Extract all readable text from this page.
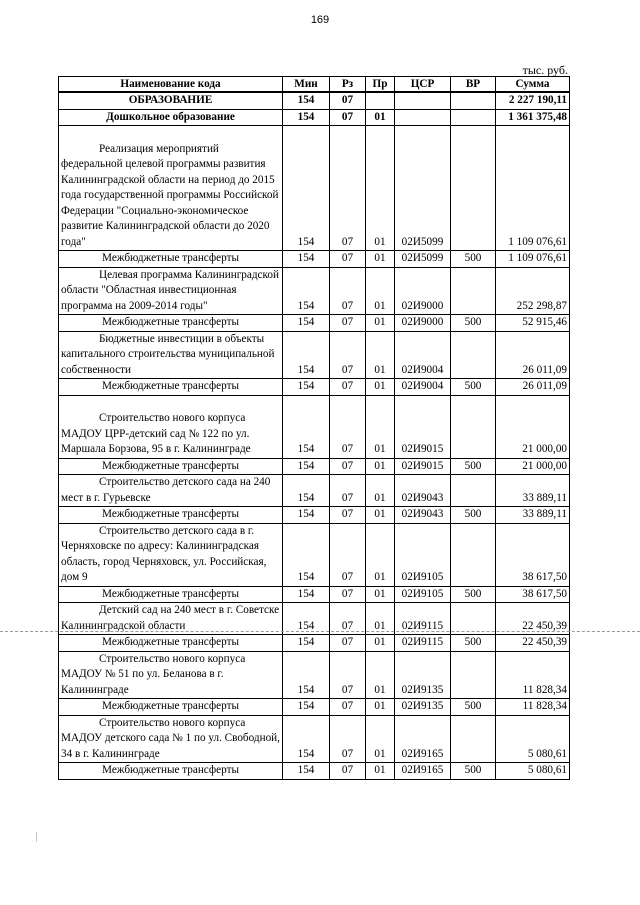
169
тыс. руб.
Наименование кода	Мин	Рз	Пр	ЦСР	ВР	Сумма
ОБРАЗОВАНИЕ	154	07				2 227 190,11
Дошкольное образование	154	07	01			1 361 375,48
Реализация мероприятий федеральной целевой программы развития Калининградской области на период до 2015 года государственной программы Российской Федерации "Социально-экономическое развитие Калининградской области до 2020 года"	154	07	01	02И5099		1 109 076,61
Межбюджетные трансферты	154	07	01	02И5099	500	1 109 076,61
Целевая программа Калининградской области "Областная инвестиционная программа на 2009-2014 годы"	154	07	01	02И9000		252 298,87
Межбюджетные трансферты	154	07	01	02И9000	500	52 915,46
Бюджетные инвестиции в объекты капитального строительства муниципальной собственности	154	07	01	02И9004		26 011,09
Межбюджетные трансферты	154	07	01	02И9004	500	26 011,09
Строительство нового корпуса МАДОУ ЦРР-детский сад № 122 по ул. Маршала Борзова, 95 в г. Калининграде	154	07	01	02И9015		21 000,00
Межбюджетные трансферты	154	07	01	02И9015	500	21 000,00
Строительство детского сада на 240 мест в г. Гурьевске	154	07	01	02И9043		33 889,11
Межбюджетные трансферты	154	07	01	02И9043	500	33 889,11
Строительство детского сада в г. Черняховске по адресу: Калининградская область, город Черняховск, ул. Российская, дом 9	154	07	01	02И9105		38 617,50
Межбюджетные трансферты	154	07	01	02И9105	500	38 617,50
Детский сад на 240 мест в г. Советске Калининградской области	154	07	01	02И9115		22 450,39
Межбюджетные трансферты	154	07	01	02И9115	500	22 450,39
Строительство нового корпуса МАДОУ № 51 по ул. Беланова в г. Калининграде	154	07	01	02И9135		11 828,34
Межбюджетные трансферты	154	07	01	02И9135	500	11 828,34
Строительство нового корпуса МАДОУ детского сада № 1 по ул. Свободной, 34 в г. Калининграде	154	07	01	02И9165		5 080,61
Межбюджетные трансферты	154	07	01	02И9165	500	5 080,61
